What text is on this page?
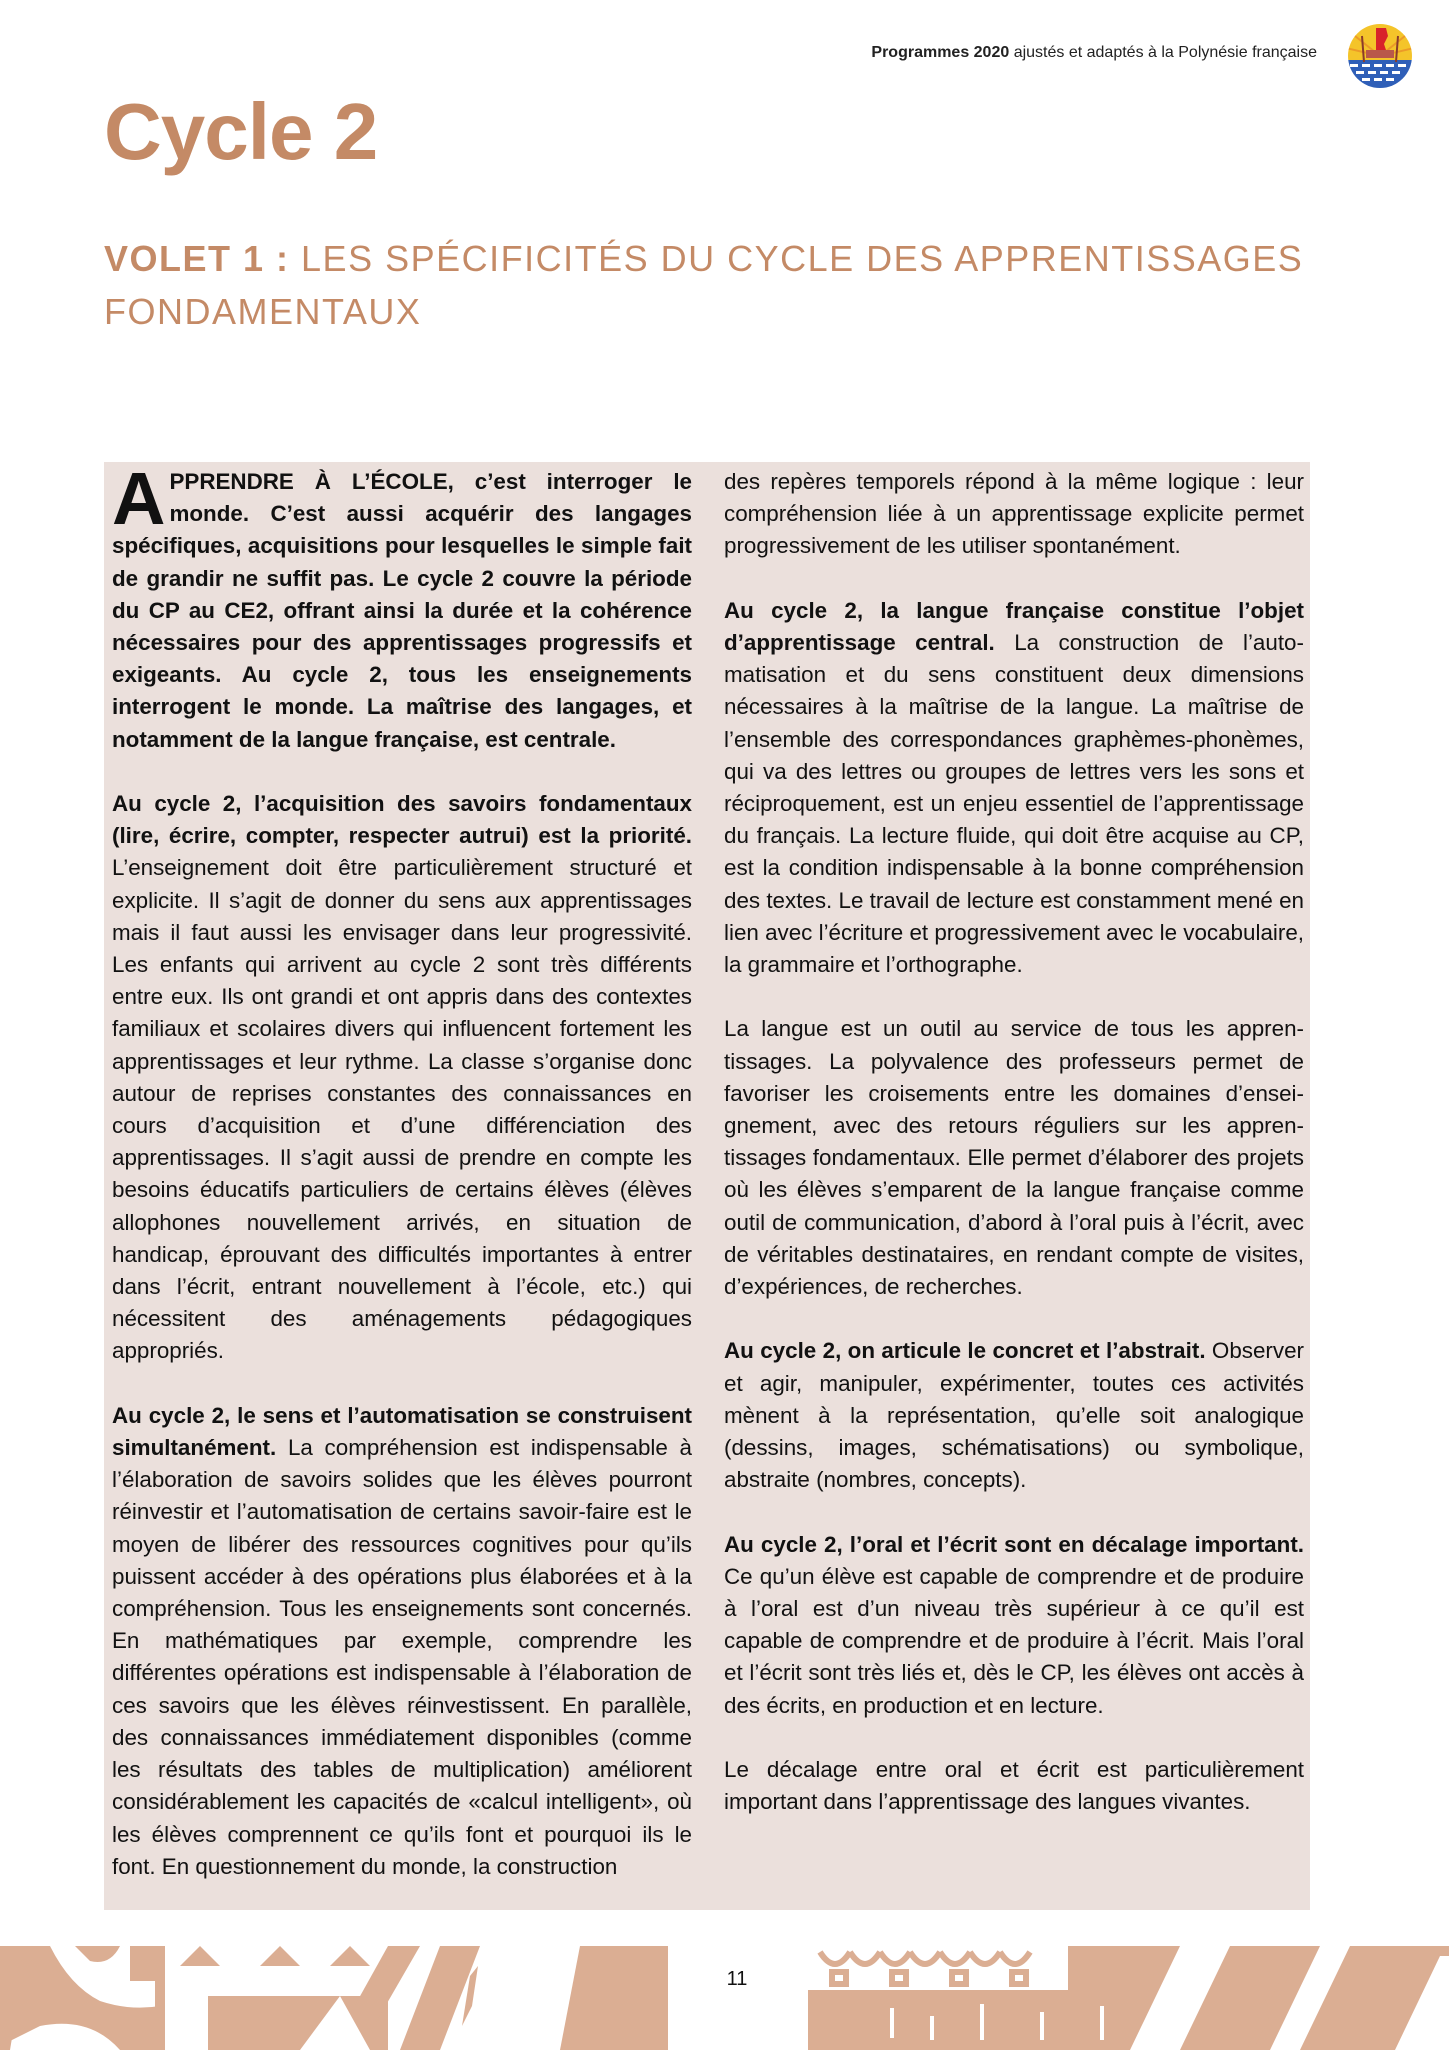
Programmes 2020 ajustés et adaptés à la Polynésie française
Cycle 2
VOLET 1 : LES SPÉCIFICITÉS DU CYCLE DES APPRENTISSAGES FONDAMENTAUX

APPRENDRE À L’ÉCOLE, c’est interroger le monde. C’est aussi acquérir des langages spécifiques, acquisitions pour lesquelles le simple fait de grandir ne suffit pas. Le cycle 2 couvre la période du CP au CE2, offrant ainsi la durée et la cohérence nécessaires pour des apprentissages progressifs et exigeants. Au cycle 2, tous les enseignements interrogent le monde. La maîtrise des langages, et notamment de la langue française, est centrale.

Au cycle 2, l’acquisition des savoirs fondamentaux (lire, écrire, compter, respecter autrui) est la priorité. L’enseignement doit être particulièrement structuré et explicite. Il s’agit de donner du sens aux apprentissages mais il faut aussi les envisager dans leur progressivité. Les enfants qui arrivent au cycle 2 sont très différents entre eux. Ils ont grandi et ont appris dans des contextes familiaux et scolaires divers qui influencent fortement les apprentissages et leur rythme. La classe s’organise donc autour de reprises constantes des connaissances en cours d’acquisition et d’une différenciation des apprentissages. Il s’agit aussi de prendre en compte les besoins éducatifs particuliers de certains élèves (élèves allophones nouvellement arrivés, en situation de handicap, éprouvant des difficultés importantes à entrer dans l’écrit, entrant nouvellement à l’école, etc.) qui nécessitent des aménagements pédagogiques appropriés.

Au cycle 2, le sens et l’automatisation se construisent simultanément. La compréhension est indispensable à l’élaboration de savoirs solides que les élèves pourront réinvestir et l’automatisation de certains savoir-faire est le moyen de libérer des ressources cognitives pour qu’ils puissent accéder à des opérations plus élaborées et à la compréhension. Tous les enseignements sont concernés. En mathématiques par exemple, comprendre les différentes opérations est indispensable à l’élaboration de ces savoirs que les élèves réinvestissent. En parallèle, des connaissances immédiatement disponibles (comme les résultats des tables de multiplication) améliorent considérablement les capacités de «calcul intelligent», où les élèves comprennent ce qu’ils font et pourquoi ils le font. En questionnement du monde, la construction

des repères temporels répond à la même logique : leur compréhension liée à un apprentissage explicite permet progressivement de les utiliser spontanément.

Au cycle 2, la langue française constitue l’objet d’apprentissage central. La construction de l’automatisation et du sens constituent deux dimensions nécessaires à la maîtrise de la langue. La maîtrise de l’ensemble des correspondances graphèmes-phonèmes, qui va des lettres ou groupes de lettres vers les sons et réciproquement, est un enjeu essentiel de l’apprentissage du français. La lecture fluide, qui doit être acquise au CP, est la condition indispensable à la bonne compréhension des textes. Le travail de lecture est constamment mené en lien avec l’écriture et progressivement avec le vocabulaire, la grammaire et l’orthographe.

La langue est un outil au service de tous les apprentissages. La polyvalence des professeurs permet de favoriser les croisements entre les domaines d’enseignement, avec des retours réguliers sur les apprentissages fondamentaux. Elle permet d’élaborer des projets où les élèves s’emparent de la langue française comme outil de communication, d’abord à l’oral puis à l’écrit, avec de véritables destinataires, en rendant compte de visites, d’expériences, de recherches.

Au cycle 2, on articule le concret et l’abstrait. Observer et agir, manipuler, expérimenter, toutes ces activités mènent à la représentation, qu’elle soit analogique (dessins, images, schématisations) ou symbolique, abstraite (nombres, concepts).

Au cycle 2, l’oral et l’écrit sont en décalage important. Ce qu’un élève est capable de comprendre et de produire à l’oral est d’un niveau très supérieur à ce qu’il est capable de comprendre et de produire à l’écrit. Mais l’oral et l’écrit sont très liés et, dès le CP, les élèves ont accès à des écrits, en production et en lecture.

Le décalage entre oral et écrit est particulièrement important dans l’apprentissage des langues vivantes.

11
